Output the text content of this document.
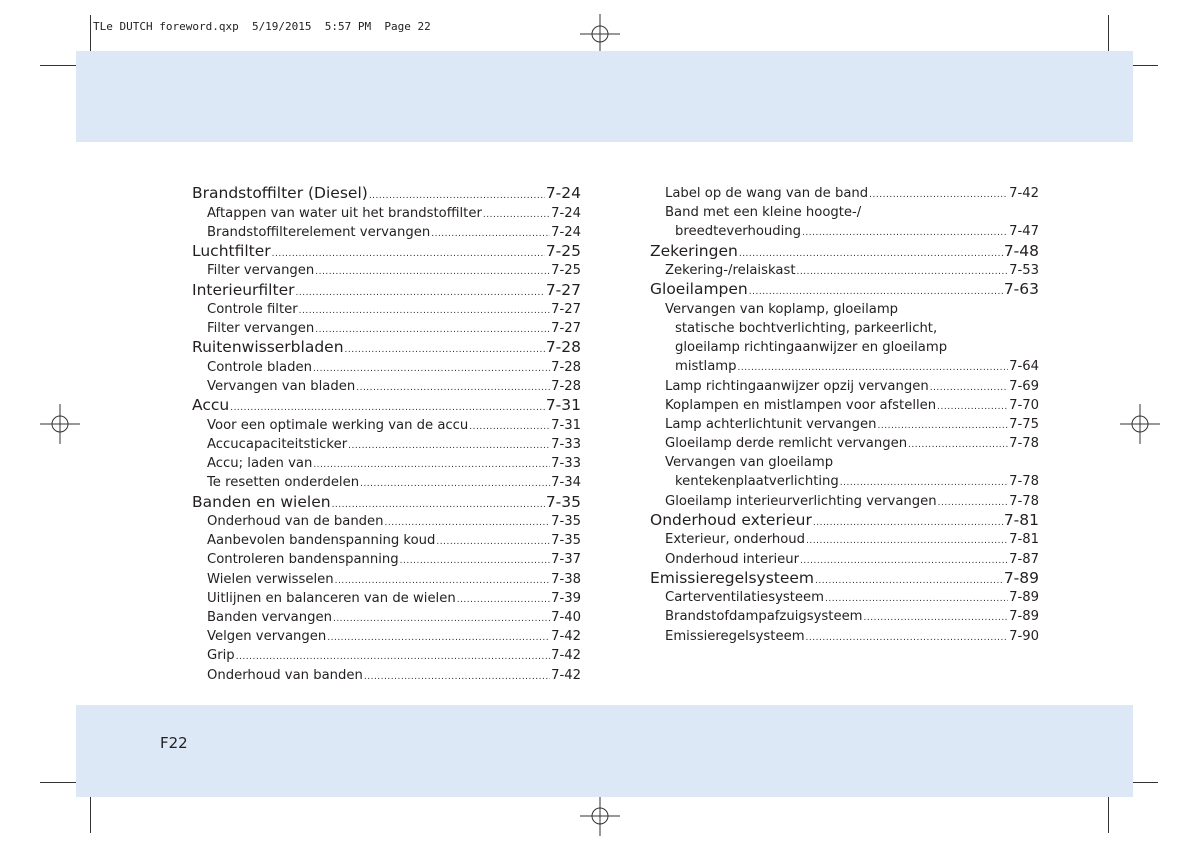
TLe DUTCH foreword.qxp  5/19/2015  5:57 PM  Page 22
Brandstoffilter (Diesel) .....	7-24
Aftappen van water uit het brandstoffilter .....	7-24
Brandstoffilterelement vervangen .....	7-24
Luchtfilter .....	7-25
Filter vervangen .....	7-25
Interieurfilter .....	7-27
Controle filter .....	7-27
Filter vervangen .....	7-27
Ruitenwisserbladen .....	7-28
Controle bladen .....	7-28
Vervangen van bladen .....	7-28
Accu .....	7-31
Voor een optimale werking van de accu .....	7-31
Accucapaciteitsticker .....	7-33
Accu; laden van .....	7-33
Te resetten onderdelen .....	7-34
Banden en wielen .....	7-35
Onderhoud van de banden .....	7-35
Aanbevolen bandenspanning koud .....	7-35
Controleren bandenspanning .....	7-37
Wielen verwisselen .....	7-38
Uitlijnen en balanceren van de wielen .....	7-39
Banden vervangen .....	7-40
Velgen vervangen .....	7-42
Grip .....	7-42
Onderhoud van banden .....	7-42
Label op de wang van de band .....	7-42
Band met een kleine hoogte-/
breedteverhouding .....	7-47
Zekeringen .....	7-48
Zekering-/relaiskast .....	7-53
Gloeilampen .....	7-63
Vervangen van koplamp, gloeilamp
statische bochtverlichting, parkeerlicht,
gloeilamp richtingaanwijzer en gloeilamp
mistlamp .....	7-64
Lamp richtingaanwijzer opzij vervangen .....	7-69
Koplampen en mistlampen voor afstellen .....	7-70
Lamp achterlichtunit vervangen .....	7-75
Gloeilamp derde remlicht vervangen .....	7-78
Vervangen van gloeilamp
kentekenplaatverlichting .....	7-78
Gloeilamp interieurverlichting vervangen .....	7-78
Onderhoud exterieur .....	7-81
Exterieur, onderhoud .....	7-81
Onderhoud interieur .....	7-87
Emissieregelsysteem .....	7-89
Carterventilatiesysteem .....	7-89
Brandstofdampafzuigsysteem .....	7-89
Emissieregelsysteem .....	7-90
F22
